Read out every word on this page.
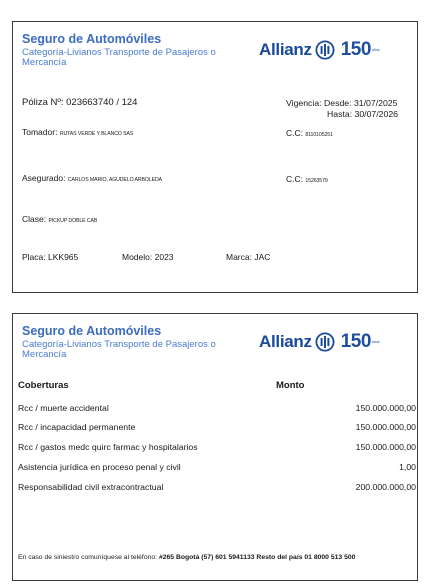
Seguro de Automóviles
Categoría-Livianos Transporte de Pasajeros o Mercancía
Allianz 150 años
Póliza Nº: 023663740 / 124	Vigencia: Desde: 31/07/2025
Hasta: 30/07/2026
Tomador: RUTAS VERDE Y BLANCO SAS	C.C: 8110105251
Asegurado: CARLOS MARIO, AGUDELO ARBOLEDA	C.C: 15263579
Clase: PICKUP DOBLE CAB
Placa: LKK965	Modelo: 2023	Marca: JAC
Seguro de Automóviles
Categoría-Livianos Transporte de Pasajeros o Mercancía
Allianz 150 años
Coberturas	Monto
Rcc / muerte accidental	150.000.000,00
Rcc / incapacidad permanente	150.000.000,00
Rcc / gastos medc quirc farmac y hospitalarios	150.000.000,00
Asistencia jurídica en proceso penal y civil	1,00
Responsabilidad civil extracontractual	200.000.000,00
En caso de siniestro comuníquese al teléfono: #265 Bogotá (57) 601 5941133 Resto del país 01 8000 513 500
